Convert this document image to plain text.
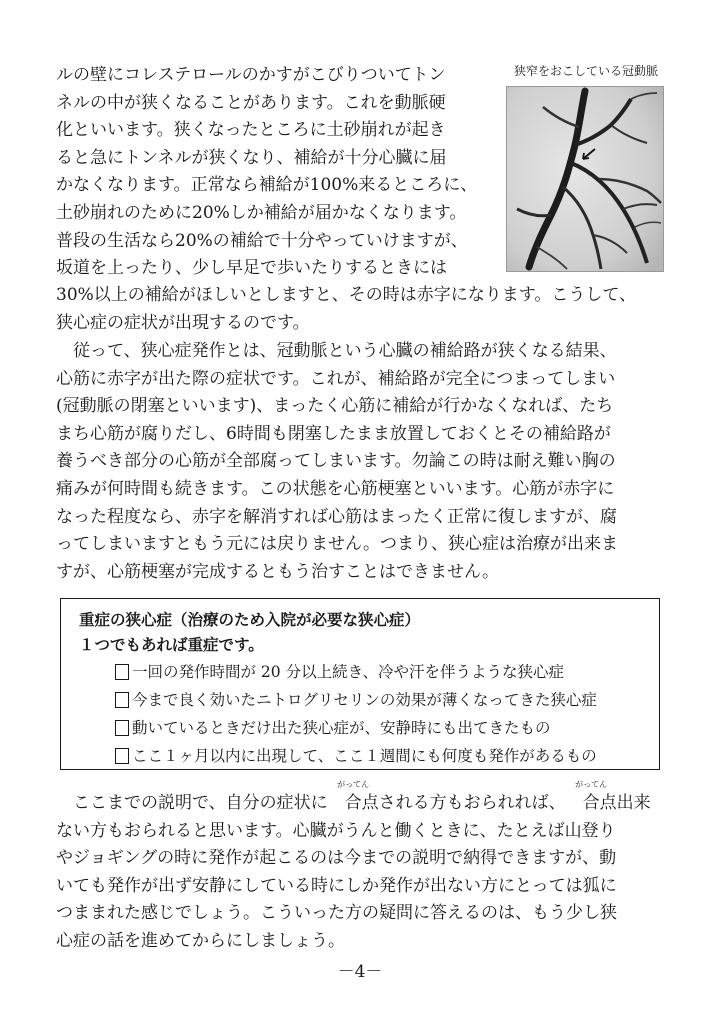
ルの壁にコレステロールのかすがこびりついてトン

ネルの中が狭くなることがあります。これを動脈硬

化といいます。狭くなったところに土砂崩れが起き

ると急にトンネルが狭くなり、補給が十分心臓に届

かなくなります。正常なら補給が100%来るところに、

土砂崩れのために20%しか補給が届かなくなります。

普段の生活なら20%の補給で十分やっていけますが、

坂道を上ったり、少し早足で歩いたりするときには

狭窄をおこしている冠動脈

30%以上の補給がほしいとしますと、その時は赤字になります。こうして、

狭心症の症状が出現するのです。

従って、狭心症発作とは、冠動脈という心臓の補給路が狭くなる結果、

心筋に赤字が出た際の症状です。これが、補給路が完全につまってしまい

(冠動脈の閉塞といいます)、まったく心筋に補給が行かなくなれば、たち

まち心筋が腐りだし、6時間も閉塞したまま放置しておくとその補給路が

養うべき部分の心筋が全部腐ってしまいます。勿論この時は耐え難い胸の

痛みが何時間も続きます。この状態を心筋梗塞といいます。心筋が赤字に

なった程度なら、赤字を解消すれば心筋はまったく正常に復しますが、腐

ってしまいますともう元には戻りません。つまり、狭心症は治療が出来ま

すが、心筋梗塞が完成するともう治すことはできません。

重症の狭心症（治療のため入院が必要な狭心症）
１つでもあれば重症です。
一回の発作時間が 20 分以上続き、冷や汗を伴うような狭心症
今まで良く効いたニトログリセリンの効果が薄くなってきた狭心症
動いているときだけ出た狭心症が、安静時にも出てきたもの
ここ１ヶ月以内に出現して、ここ１週間にも何度も発作があるもの

ここまでの説明で、自分の症状に 合点
がってん
される方もおられれば、 合点
がってん
出来

ない方もおられると思います。心臓がうんと働くときに、たとえば山登り

やジョギングの時に発作が起こるのは今までの説明で納得できますが、動

いても発作が出ず安静にしている時にしか発作が出ない方にとっては狐に

つままれた感じでしょう。こういった方の疑問に答えるのは、もう少し狭

心症の話を進めてからにしましょう。

－4－
